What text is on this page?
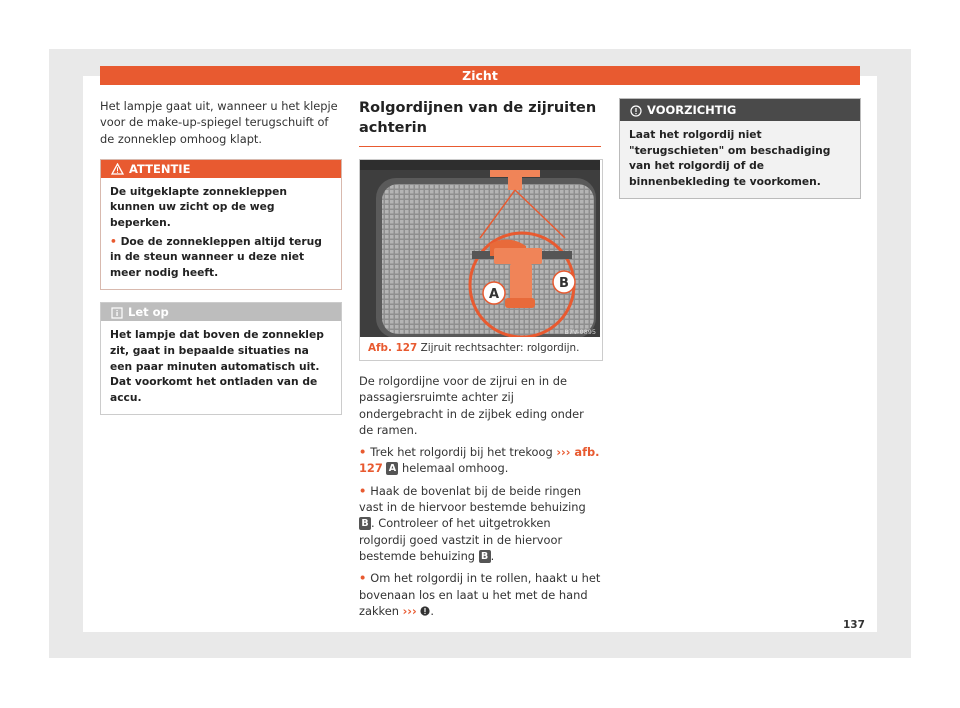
Zicht

Het lampje gaat uit, wanneer u het klepje voor de make-up-spiegel terugschuift of de zonneklep omhoog klapt.

ATTENTIE
De uitgeklapte zonnekleppen kunnen uw zicht op de weg beperken.
• Doe de zonnekleppen altijd terug in de steun wanneer u deze niet meer nodig heeft.
Let op
Het lampje dat boven de zonneklep zit, gaat in bepaalde situaties na een paar minuten automatisch uit. Dat voorkomt het ontladen van de accu.
Rolgordijnen van de zijruiten achterin
A
B
B7V-0895
Afb. 127 Zijruit rechtsachter: rolgordijn.

De rolgordijne voor de zijrui en in de passagiersruimte achter zij ondergebracht in de zijbek eding onder de ramen.

• Trek het rolgordij bij het trekoog ››› afb. 127 A helemaal omhoog.

• Haak de bovenlat bij de beide ringen vast in de hiervoor bestemde behuizing B . Controleer of het uitgetrokken rolgordij goed vastzit in de hiervoor bestemde behuizing B .

• Om het rolgordij in te rollen, haakt u het bovenaan los en laat u het met de hand zakken ››› .

VOORZICHTIG
Laat het rolgordij niet "terugschieten" om beschadiging van het rolgordij of de binnenbekleding te voorkomen.
137
